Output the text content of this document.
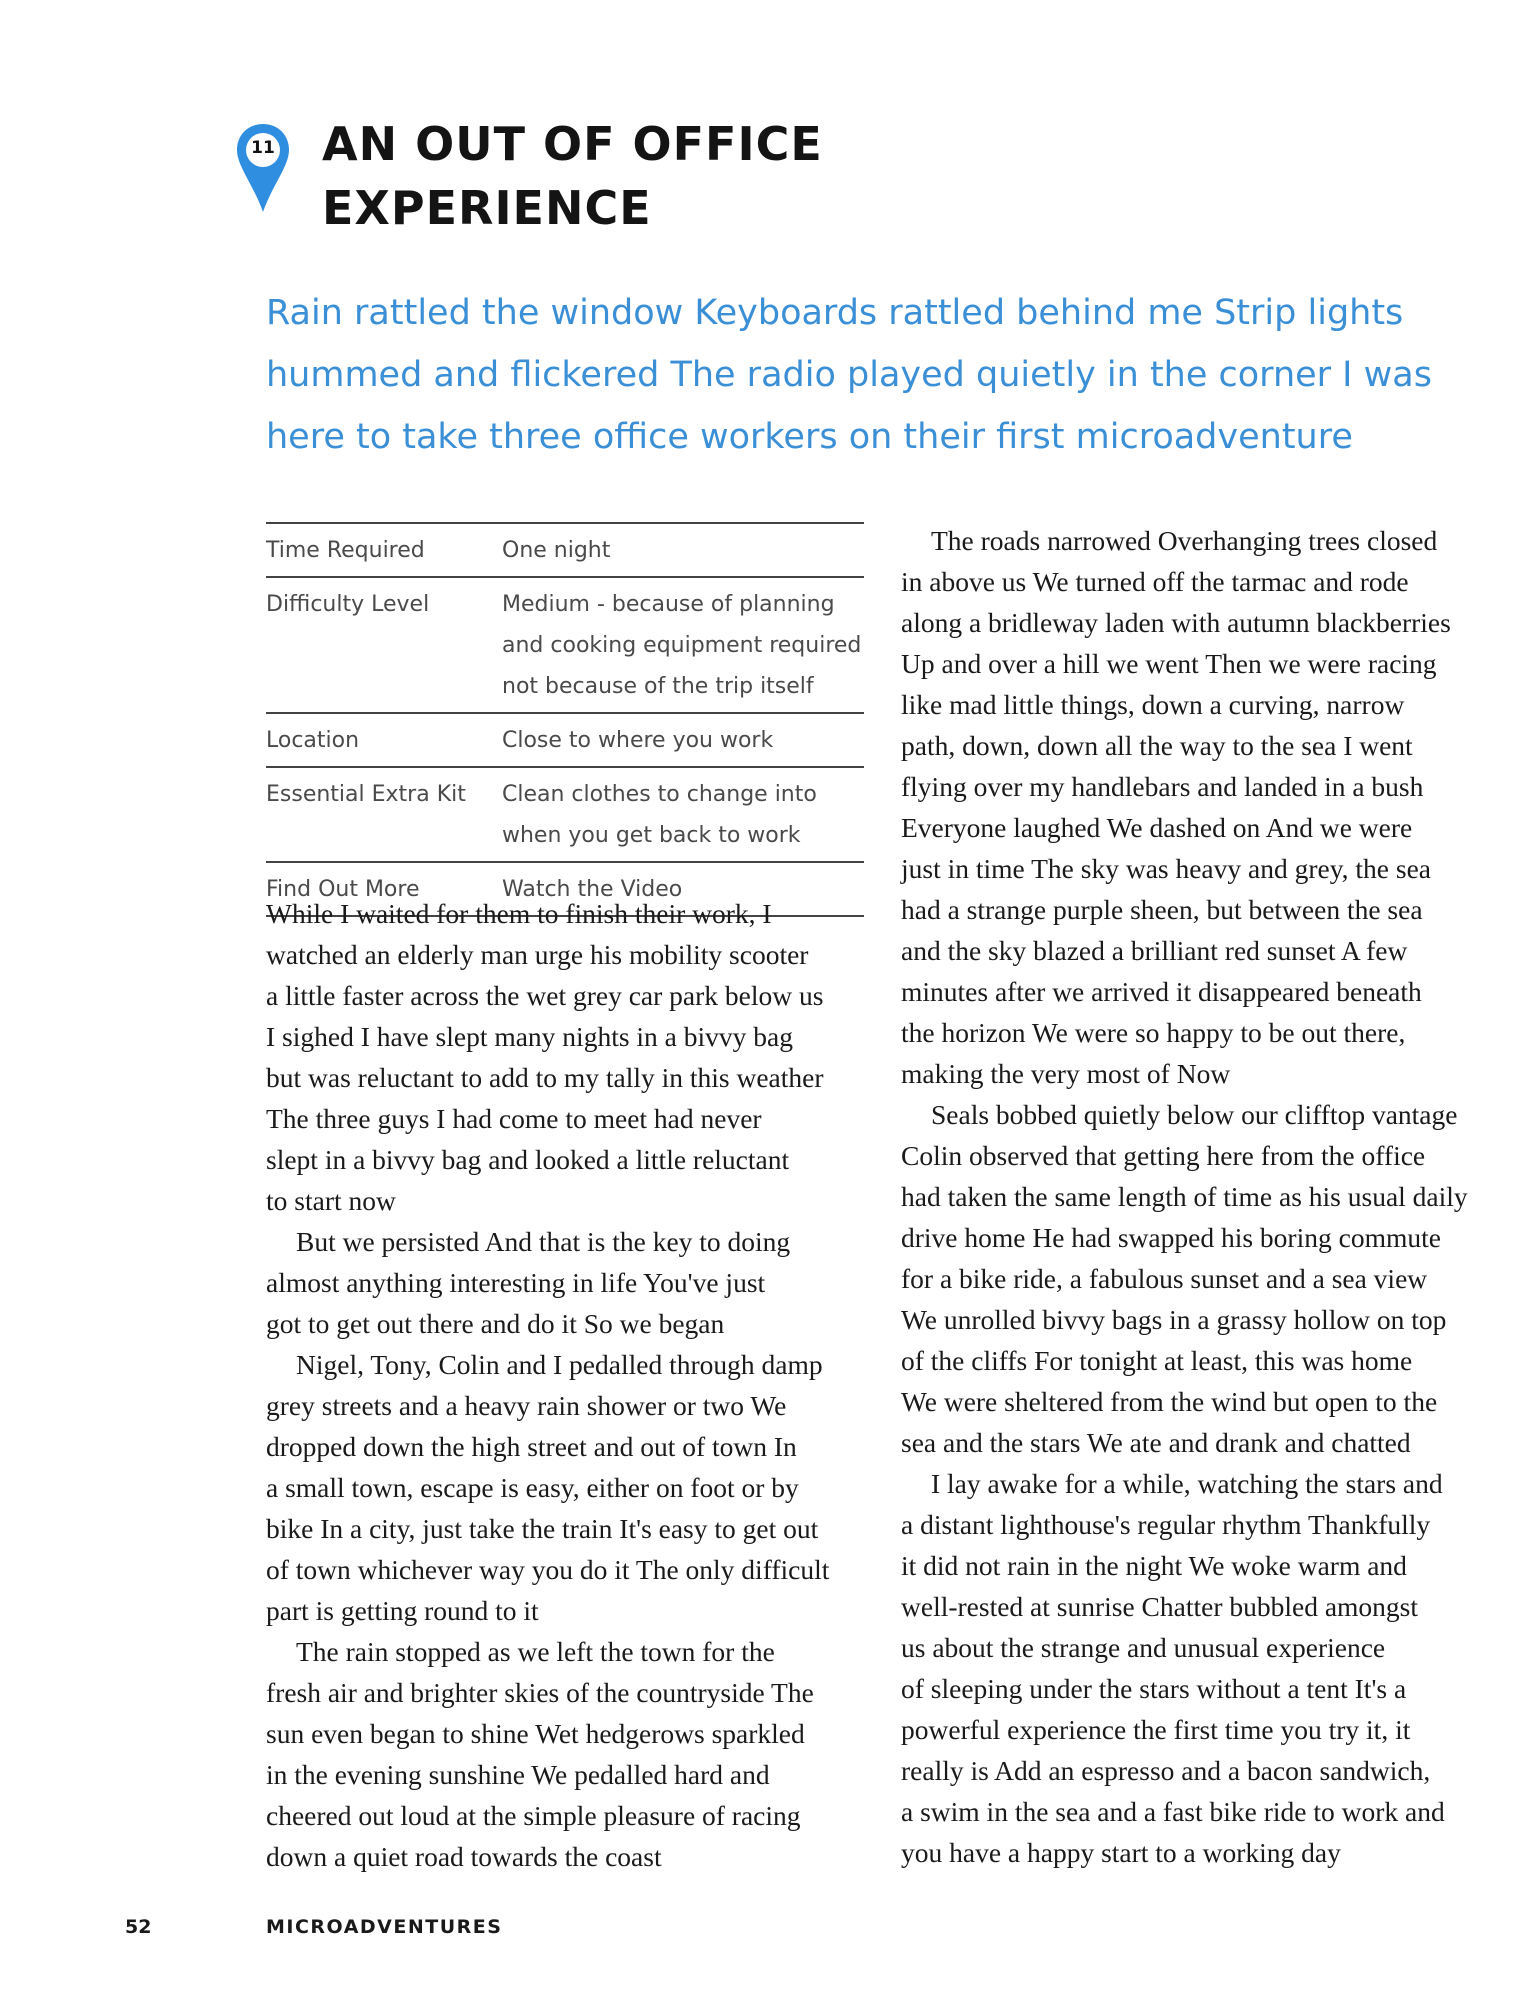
11	AN OUT OF OFFICE
EXPERIENCE
Rain rattled the window Keyboards rattled behind me Strip lights
hummed and flickered The radio played quietly in the corner I was
here to take three office workers on their first microadventure
Time Required	One night

Difficulty Level	Medium - because of planning
and cooking equipment required
not because of the trip itself

Location	Close to where you work

Essential Extra Kit	Clean clothes to change into
when you get back to work

Find Out More	Watch the Video

While I waited for them to finish their work, I
watched an elderly man urge his mobility scooter
a little faster across the wet grey car park below us
I sighed I have slept many nights in a bivvy bag
but was reluctant to add to my tally in this weather
The three guys I had come to meet had never
slept in a bivvy bag and looked a little reluctant
to start now

But we persisted And that is the key to doing
almost anything interesting in life You've just
got to get out there and do it So we began

Nigel, Tony, Colin and I pedalled through damp
grey streets and a heavy rain shower or two We
dropped down the high street and out of town In
a small town, escape is easy, either on foot or by
bike In a city, just take the train It's easy to get out
of town whichever way you do it The only difficult
part is getting round to it

The rain stopped as we left the town for the
fresh air and brighter skies of the countryside The
sun even began to shine Wet hedgerows sparkled
in the evening sunshine We pedalled hard and
cheered out loud at the simple pleasure of racing
down a quiet road towards the coast

The roads narrowed Overhanging trees closed
in above us We turned off the tarmac and rode
along a bridleway laden with autumn blackberries
Up and over a hill we went Then we were racing
like mad little things, down a curving, narrow
path, down, down all the way to the sea I went
flying over my handlebars and landed in a bush
Everyone laughed We dashed on And we were
just in time The sky was heavy and grey, the sea
had a strange purple sheen, but between the sea
and the sky blazed a brilliant red sunset A few
minutes after we arrived it disappeared beneath
the horizon We were so happy to be out there,
making the very most of Now

Seals bobbed quietly below our clifftop vantage
Colin observed that getting here from the office
had taken the same length of time as his usual daily
drive home He had swapped his boring commute
for a bike ride, a fabulous sunset and a sea view
We unrolled bivvy bags in a grassy hollow on top
of the cliffs For tonight at least, this was home
We were sheltered from the wind but open to the
sea and the stars We ate and drank and chatted

I lay awake for a while, watching the stars and
a distant lighthouse's regular rhythm Thankfully
it did not rain in the night We woke warm and
well-rested at sunrise Chatter bubbled amongst
us about the strange and unusual experience
of sleeping under the stars without a tent It's a
powerful experience the first time you try it, it
really is Add an espresso and a bacon sandwich,
a swim in the sea and a fast bike ride to work and
you have a happy start to a working day

52	MICROADVENTURES
